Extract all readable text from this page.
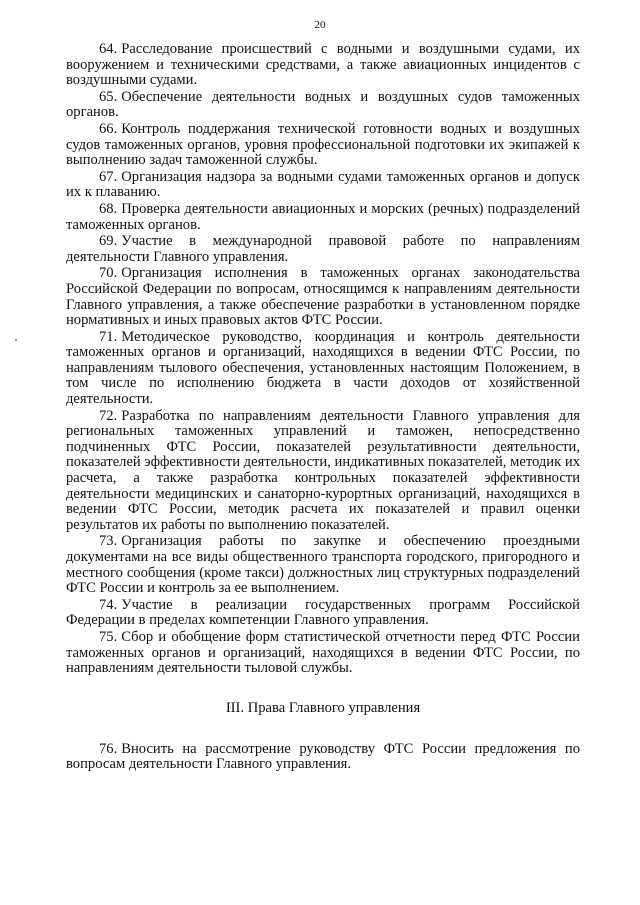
20

64. Расследование происшествий с водными и воздушными судами, их вооружением и техническими средствами, а также авиационных инцидентов с воздушными судами.

65. Обеспечение деятельности водных и воздушных судов таможенных органов.

66. Контроль поддержания технической готовности водных и воздушных судов таможенных органов, уровня профессиональной подготовки их экипажей к выполнению задач таможенной службы.

67. Организация надзора за водными судами таможенных органов и допуск их к плаванию.

68. Проверка деятельности авиационных и морских (речных) подразделений таможенных органов.

69. Участие в международной правовой работе по направлениям деятельности Главного управления.

70. Организация исполнения в таможенных органах законодательства Российской Федерации по вопросам, относящимся к направлениям деятельности Главного управления, а также обеспечение разработки в установленном порядке нормативных и иных правовых актов ФТС России.

71. Методическое руководство, координация и контроль деятельности таможенных органов и организаций, находящихся в ведении ФТС России, по направлениям тылового обеспечения, установленных настоящим Положением, в том числе по исполнению бюджета в части доходов от хозяйственной деятельности.

72. Разработка по направлениям деятельности Главного управления для региональных таможенных управлений и таможен, непосредственно подчиненных ФТС России, показателей результативности деятельности, показателей эффективности деятельности, индикативных показателей, методик их расчета, а также разработка контрольных показателей эффективности деятельности медицинских и санаторно-курортных организаций, находящихся в ведении ФТС России, методик расчета их показателей и правил оценки результатов их работы по выполнению показателей.

73. Организация работы по закупке и обеспечению проездными документами на все виды общественного транспорта городского, пригородного и местного сообщения (кроме такси) должностных лиц структурных подразделений ФТС России и контроль за ее выполнением.

74. Участие в реализации государственных программ Российской Федерации в пределах компетенции Главного управления.

75. Сбор и обобщение форм статистической отчетности перед ФТС России таможенных органов и организаций, находящихся в ведении ФТС России, по направлениям деятельности тыловой службы.

III. Права Главного управления

76. Вносить на рассмотрение руководству ФТС России предложения по вопросам деятельности Главного управления.
